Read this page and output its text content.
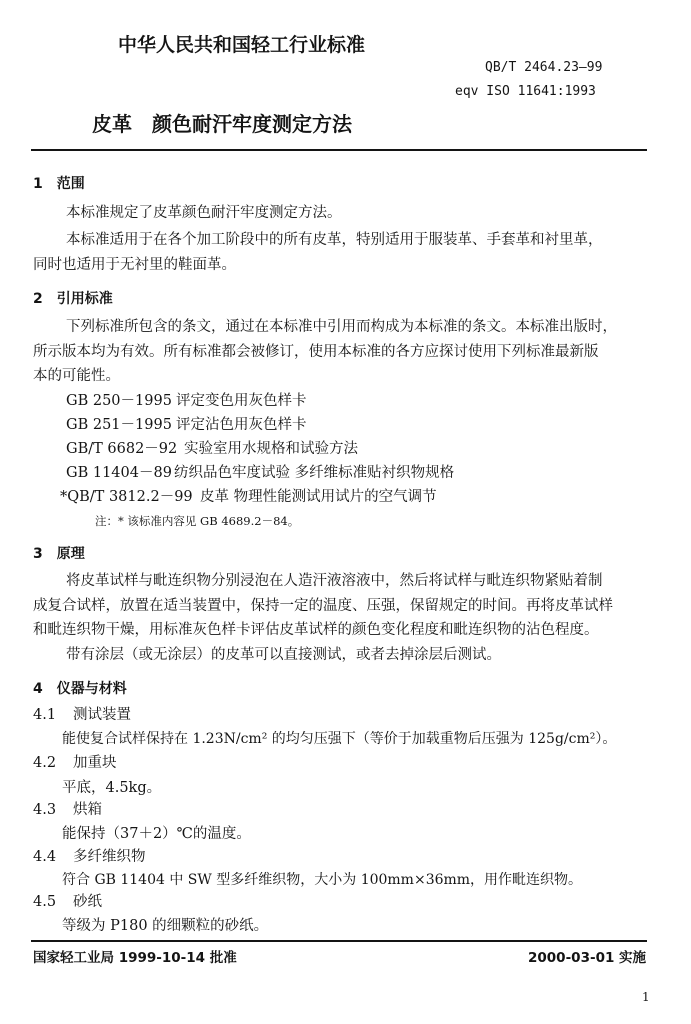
中华人民共和国轻工行业标准
QB/T 2464.23—99
eqv ISO 11641:1993
皮革 颜色耐汗牢度测定方法
1 范围
本标准规定了皮革颜色耐汗牢度测定方法。
本标准适用于在各个加工阶段中的所有皮革，特别适用于服装革、手套革和衬里革，
同时也适用于无衬里的鞋面革。
2 引用标准
下列标准所包含的条文，通过在本标准中引用而构成为本标准的条文。本标准出版时，
所示版本均为有效。所有标准都会被修订，使用本标准的各方应探讨使用下列标准最新版
本的可能性。
GB 250－1995 评定变色用灰色样卡
GB 251－1995 评定沾色用灰色样卡
GB/T 6682－92 实验室用水规格和试验方法
GB 11404－89 纺织品色牢度试验 多纤维标准贴衬织物规格
*QB/T 3812.2－99 皮革 物理性能测试用试片的空气调节
注：* 该标准内容见 GB 4689.2－84。
3 原理
将皮革试样与毗连织物分别浸泡在人造汗液溶液中，然后将试样与毗连织物紧贴着制
成复合试样，放置在适当装置中，保持一定的温度、压强，保留规定的时间。再将皮革试样
和毗连织物干燥，用标准灰色样卡评估皮革试样的颜色变化程度和毗连织物的沾色程度。
带有涂层（或无涂层）的皮革可以直接测试，或者去掉涂层后测试。
4 仪器与材料
4.1 测试装置
能使复合试样保持在 1.23N/cm² 的均匀压强下（等价于加载重物后压强为 125g/cm²）。
4.2 加重块
平底，4.5kg。
4.3 烘箱
能保持（37＋2）℃的温度。
4.4 多纤维织物
符合 GB 11404 中 SW 型多纤维织物，大小为 100mm×36mm，用作毗连织物。
4.5 砂纸
等级为 P180 的细颗粒的砂纸。
国家轻工业局 1999-10-14 批准	2000-03-01 实施
1
